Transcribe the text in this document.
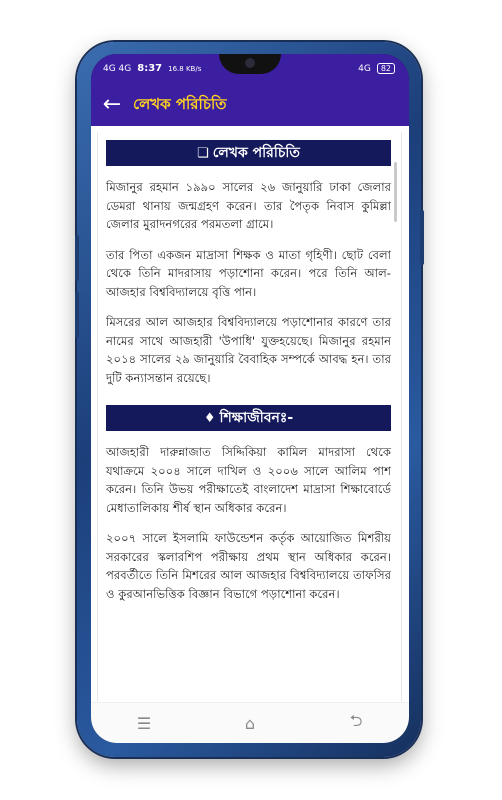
4G 4G 8:37 16.8 KB/s	4G	82
← লেখক পরিচিতি
❏ লেখক পরিচিতি

মিজানুর রহমান ১৯৯০ সালের ২৬ জানুয়ারি ঢাকা জেলার ডেমরা থানায় জন্মগ্রহণ করেন। তার পৈতৃক নিবাস কুমিল্লা জেলার মুরাদনগরের পরমতলা গ্রামে।

তার পিতা একজন মাদ্রাসা শিক্ষক ও মাতা গৃহিণী। ছোট বেলা থেকে তিনি মাদরাসায় পড়াশোনা করেন। পরে তিনি আল-আজহার বিশ্ববিদ্যালয়ে বৃত্তি পান।

মিসরের আল আজহার বিশ্ববিদ্যালয়ে পড়াশোনার কারণে তার নামের সাথে আজহারী 'উপাধি' যুক্তহয়েছে। মিজানুর রহমান ২০১৪ সালের ২৯ জানুয়ারি বৈবাহিক সম্পর্কে আবদ্ধ হন। তার দুটি কন্যাসন্তান রয়েছে।

♦ শিক্ষাজীবনঃ-

আজহারী দারুন্নাজাত সিদ্দিকিয়া কামিল মাদরাসা থেকে যথাক্রমে ২০০৪ সালে দাখিল ও ২০০৬ সালে আলিম পাশ করেন। তিনি উভয় পরীক্ষাতেই বাংলাদেশ মাদ্রাসা শিক্ষাবোর্ডে মেধাতালিকায় শীর্ষ স্থান অধিকার করেন।

২০০৭ সালে ইসলামি ফাউন্ডেশন কর্তৃক আয়োজিত মিশরীয় সরকারের স্কলারশিপ পরীক্ষায় প্রথম স্থান অধিকার করেন। পরবর্তীতে তিনি মিশরের আল আজহার বিশ্ববিদ্যালয়ে তাফসির ও কুরআনভিত্তিক বিজ্ঞান বিভাগে পড়াশোনা করেন।

☰	⌂	⮌
